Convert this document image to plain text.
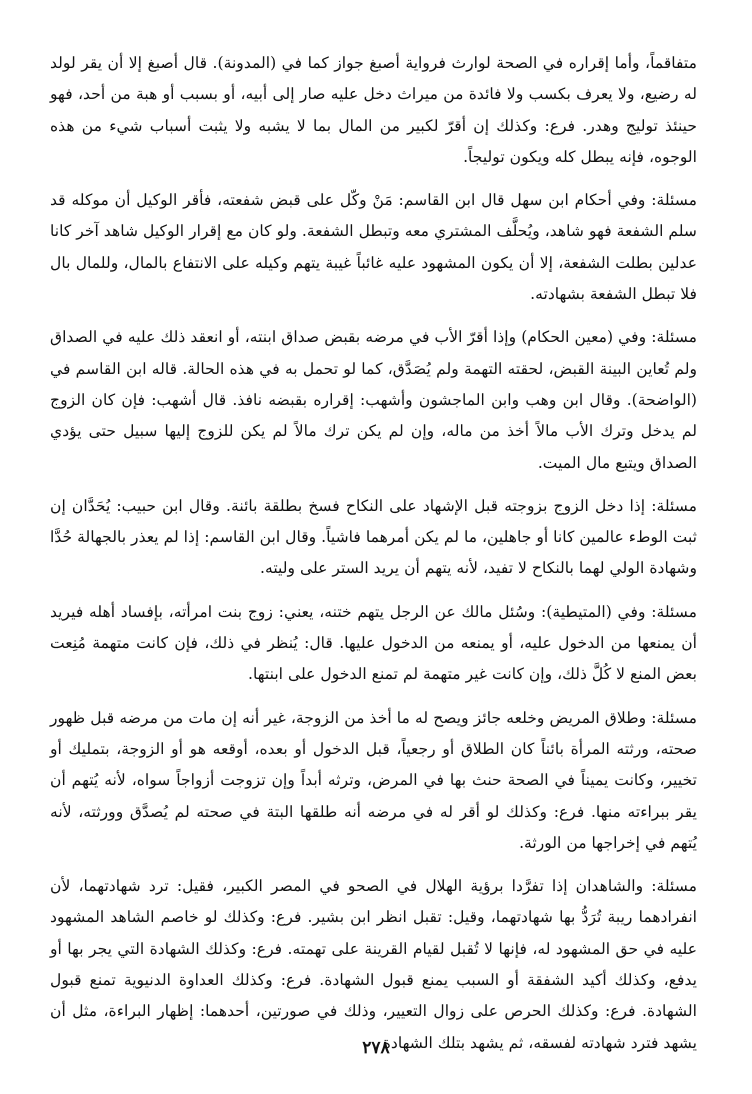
متفاقماً، وأما إقراره في الصحة لوارث فرواية أصبغ جواز كما في (المدونة). قال أصبغ إلا أن يقر لولد له رضيع، ولا يعرف بكسب ولا فائدة من ميراث دخل عليه صار إلى أبيه، أو بسبب أو هبة من أحد، فهو حينئذ توليج وهدر. فرع: وكذلك إن أقرّ لكبير من المال بما لا يشبه ولا يثبت أسباب شيء من هذه الوجوه، فإنه يبطل كله ويكون توليجاً.

مسئلة: وفي أحكام ابن سهل قال ابن القاسم: مَنْ وكّل على قبض شفعته، فأقر الوكيل أن موكله قد سلم الشفعة فهو شاهد، ويُحلَّف المشتري معه وتبطل الشفعة. ولو كان مع إقرار الوكيل شاهد آخر كانا عدلين بطلت الشفعة، إلا أن يكون المشهود عليه غائباً غيبة يتهم وكيله على الانتفاع بالمال، وللمال بال فلا تبطل الشفعة بشهادته.

مسئلة: وفي (معين الحكام) وإذا أقرّ الأب في مرضه بقبض صداق ابنته، أو انعقد ذلك عليه في الصداق ولم تُعاين البينة القبض، لحقته التهمة ولم يُصَدَّق، كما لو تحمل به في هذه الحالة. قاله ابن القاسم في (الواضحة). وقال ابن وهب وابن الماجشون وأشهب: إقراره بقبضه نافذ. قال أشهب: فإن كان الزوج لم يدخل وترك الأب مالاً أخذ من ماله، وإن لم يكن ترك مالاً لم يكن للزوج إليها سبيل حتى يؤدي الصداق ويتبع مال الميت.

مسئلة: إذا دخل الزوج بزوجته قبل الإشهاد على النكاح فسخ بطلقة بائنة. وقال ابن حبيب: يُحَدَّان إن ثبت الوطء عالمين كانا أو جاهلين، ما لم يكن أمرهما فاشياً. وقال ابن القاسم: إذا لم يعذر بالجهالة حُدَّا وشهادة الولي لهما بالنكاح لا تفيد، لأنه يتهم أن يريد الستر على وليته.

مسئلة: وفي (المتيطية): وسُئل مالك عن الرجل يتهم ختنه، يعني: زوج بنت امرأته، بإفساد أهله فيريد أن يمنعها من الدخول عليه، أو يمنعه من الدخول عليها. قال: يُنظر في ذلك، فإن كانت متهمة مُنِعت بعض المنع لا كُلَّ ذلك، وإن كانت غير متهمة لم تمنع الدخول على ابنتها.

مسئلة: وطلاق المريض وخلعه جائز ويصح له ما أخذ من الزوجة، غير أنه إن مات من مرضه قبل ظهور صحته، ورثته المرأة بائناً كان الطلاق أو رجعياً، قبل الدخول أو بعده، أوقعه هو أو الزوجة، بتمليك أو تخيير، وكانت يميناً في الصحة حنث بها في المرض، وترثه أبداً وإن تزوجت أزواجاً سواه، لأنه يُتهم أن يقر ببراءته منها. فرع: وكذلك لو أقر له في مرضه أنه طلقها البتة في صحته لم يُصدَّق وورثته، لأنه يُتهم في إخراجها من الورثة.

مسئلة: والشاهدان إذا تفرَّدا برؤية الهلال في الصحو في المصر الكبير، فقيل: ترد شهادتهما، لأن انفرادهما ريبة تُرَدُّ بها شهادتهما، وقيل: تقبل انظر ابن بشير. فرع: وكذلك لو خاصم الشاهد المشهود عليه في حق المشهود له، فإنها لا تُقبل لقيام القرينة على تهمته. فرع: وكذلك الشهادة التي يجر بها أو يدفع، وكذلك أكيد الشفقة أو السبب يمنع قبول الشهادة. فرع: وكذلك العداوة الدنيوية تمنع قبول الشهادة. فرع: وكذلك الحرص على زوال التعيير، وذلك في صورتين، أحدهما: إظهار البراءة، مثل أن يشهد فترد شهادته لفسقه، ثم يشهد بتلك الشهادة

٢٧٨
